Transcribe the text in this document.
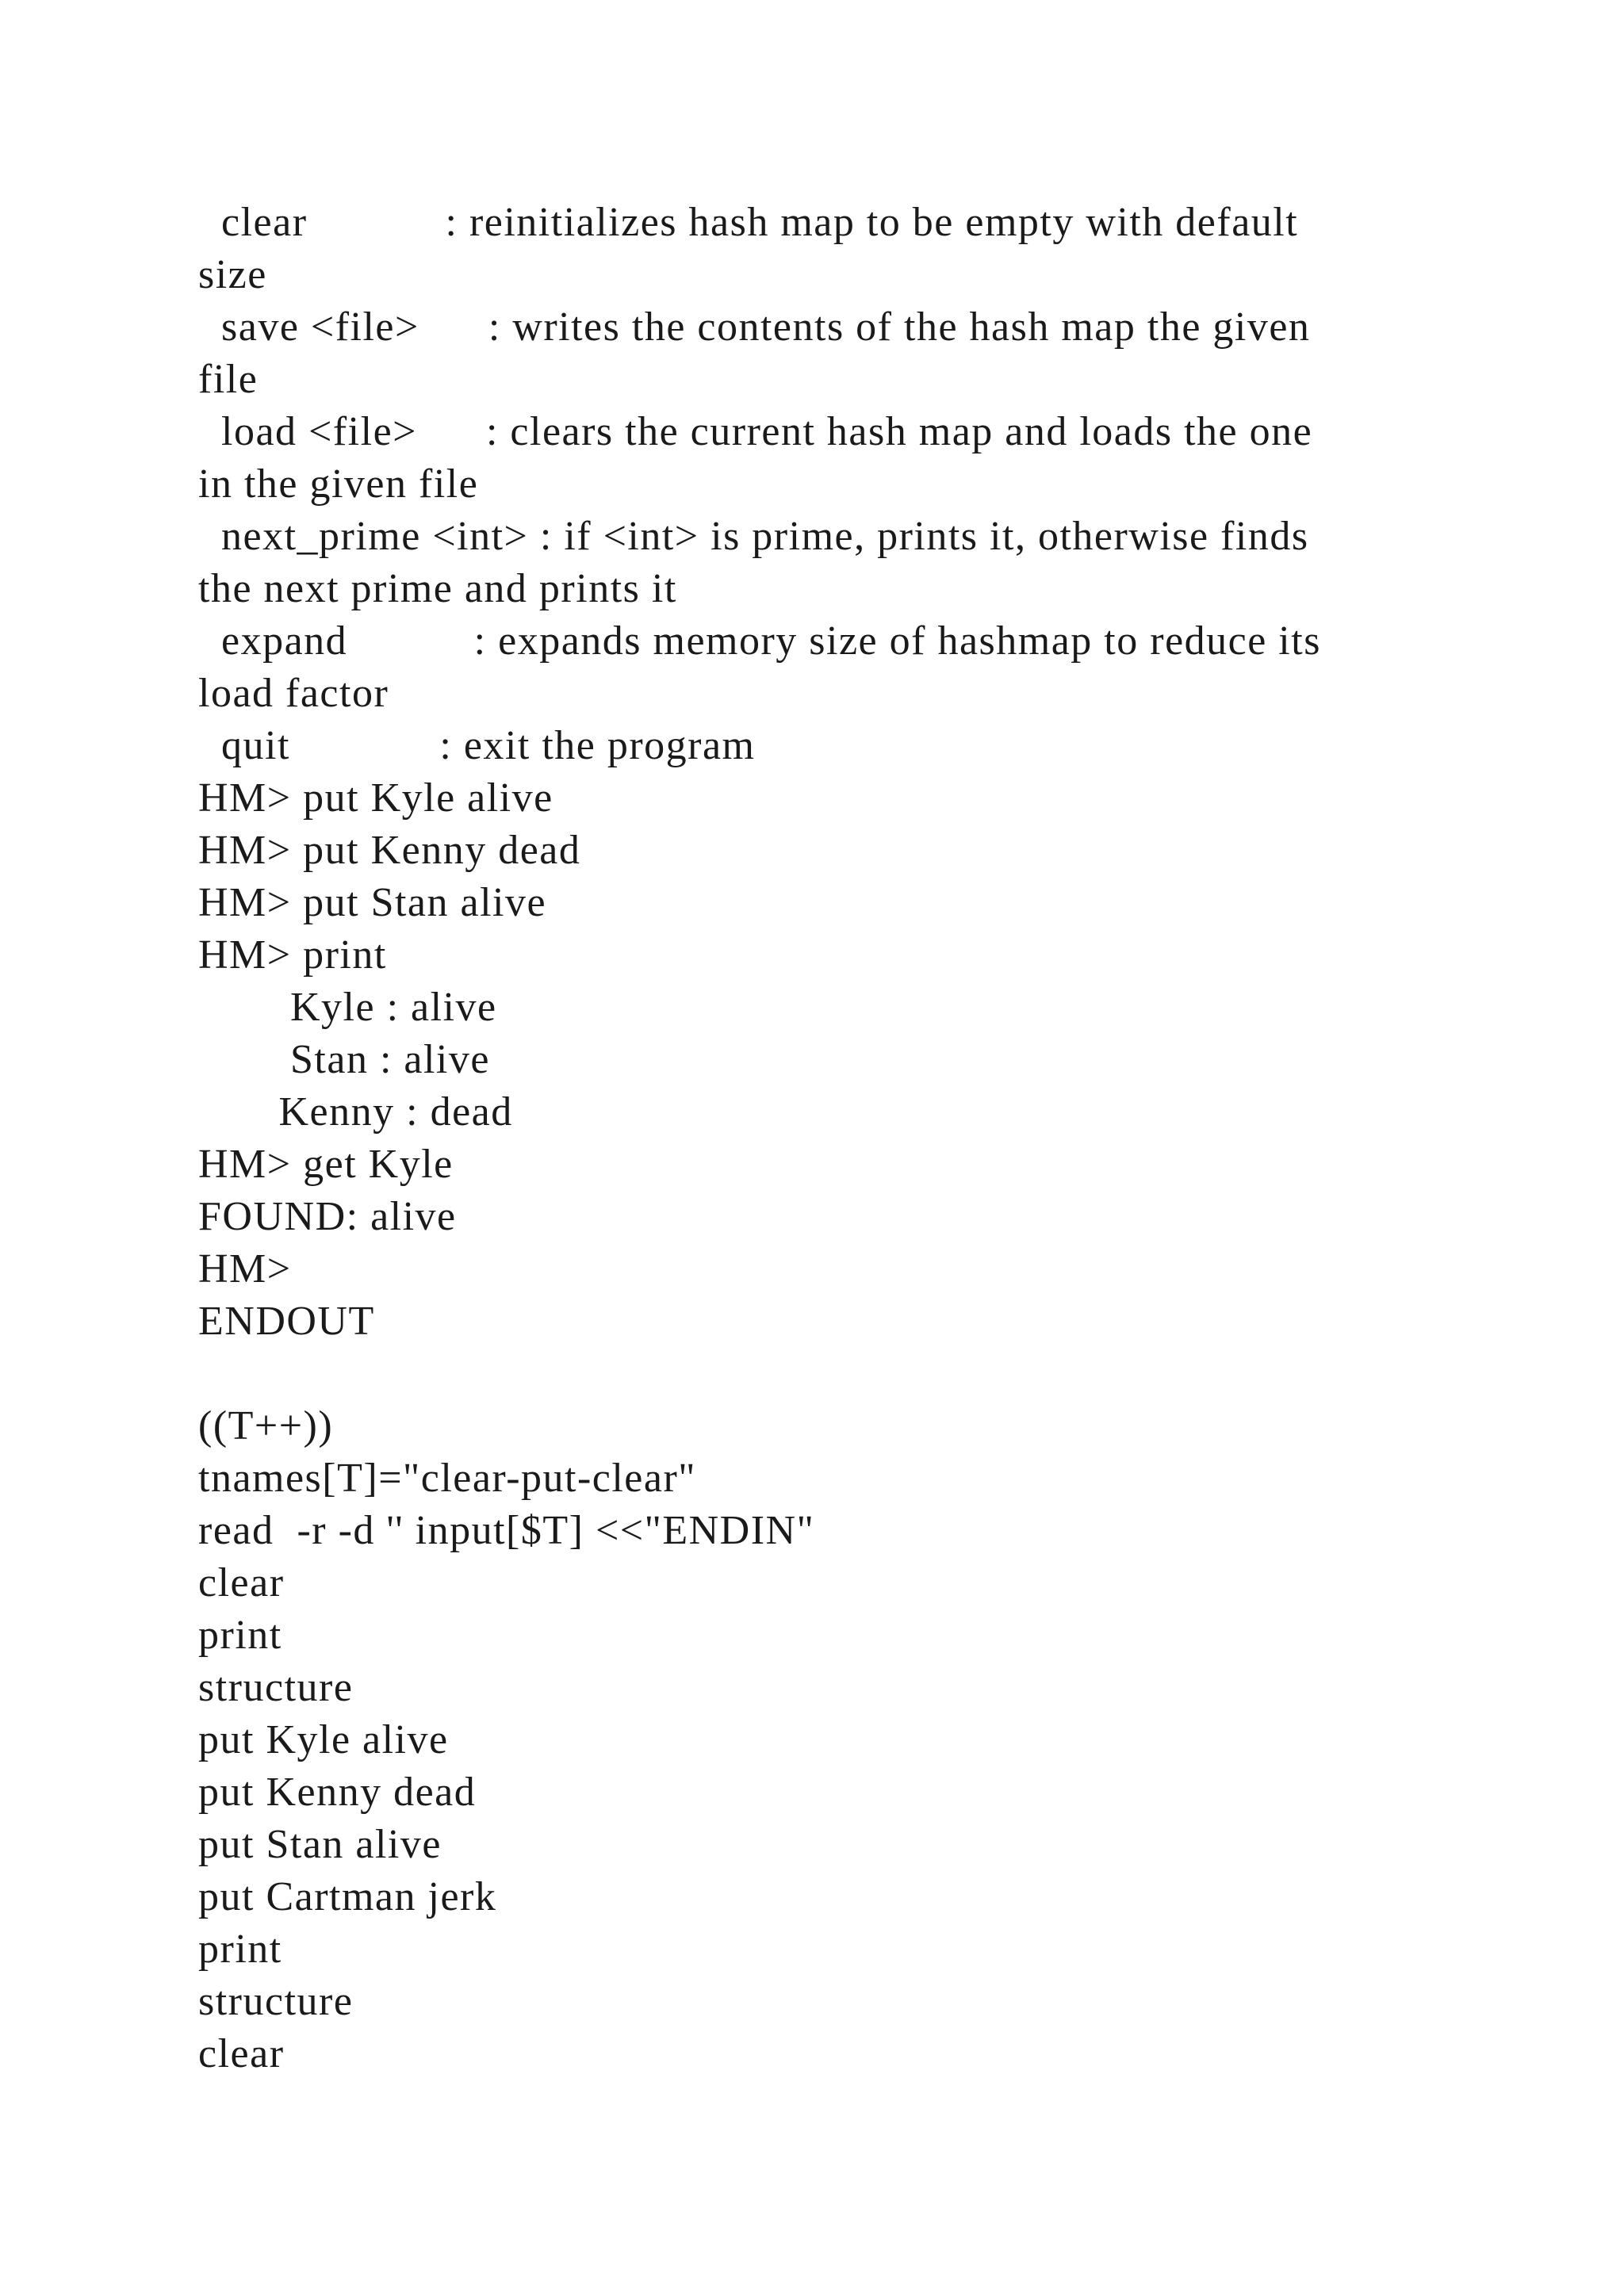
clear            : reinitializes hash map to be empty with default
size
save <file>      : writes the contents of the hash map the given
file
load <file>      : clears the current hash map and loads the one
in the given file
next_prime <int> : if <int> is prime, prints it, otherwise finds
the next prime and prints it
expand           : expands memory size of hashmap to reduce its
load factor
quit             : exit the program
HM> put Kyle alive
HM> put Kenny dead
HM> put Stan alive
HM> print
Kyle : alive
Stan : alive
Kenny : dead
HM> get Kyle
FOUND: alive
HM>
ENDOUT
((T++))
tnames[T]="clear-put-clear"
read  -r -d '' input[$T] <<"ENDIN"
clear
print
structure
put Kyle alive
put Kenny dead
put Stan alive
put Cartman jerk
print
structure
clear
